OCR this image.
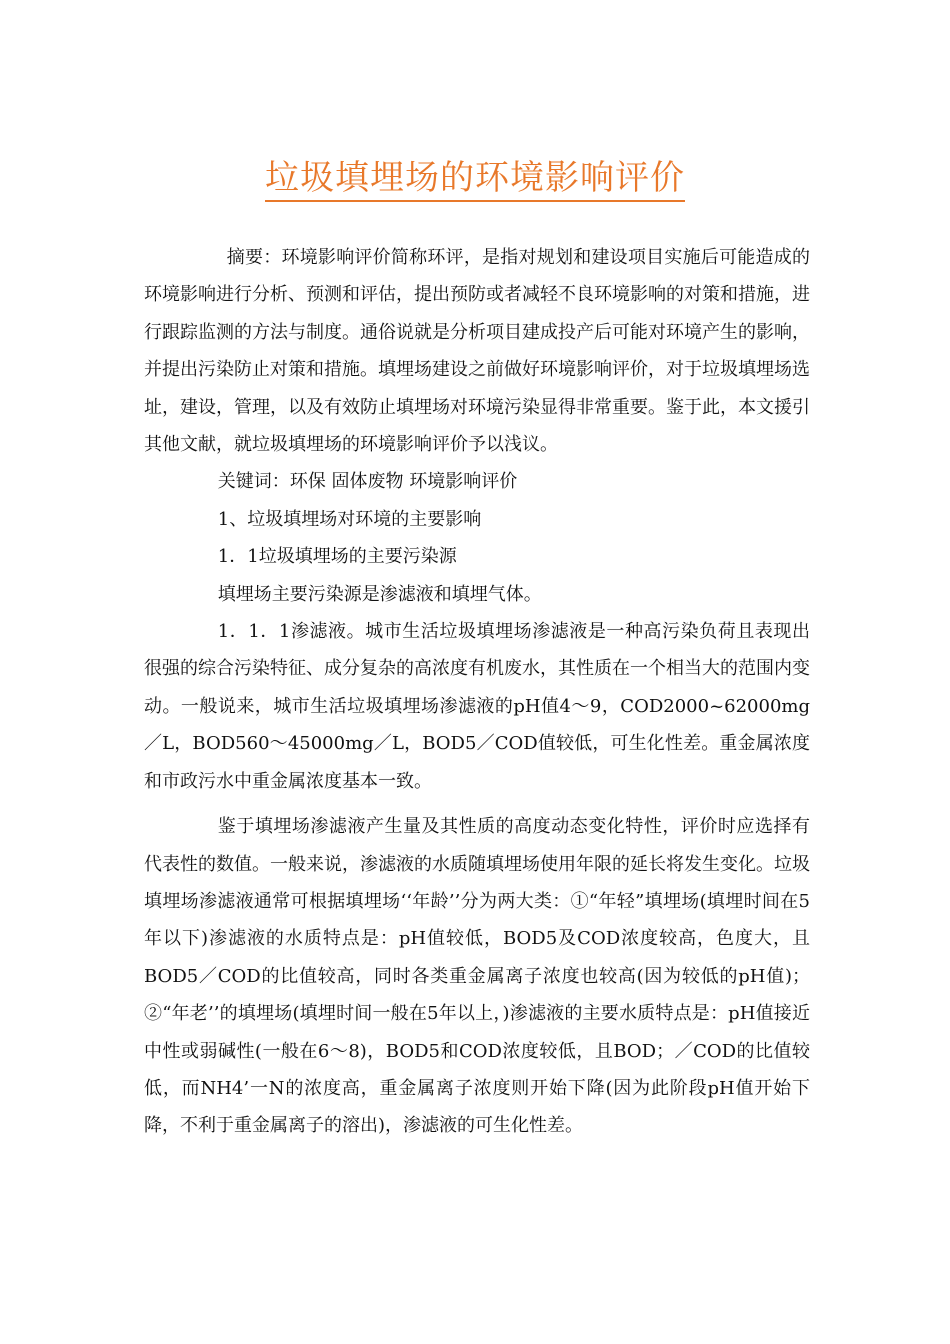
垃圾填埋场的环境影响评价

摘要：环境影响评价简称环评，是指对规划和建设项目实施后可能造成的环境影响进行分析、预测和评估，提出预防或者减轻不良环境影响的对策和措施，进行跟踪监测的方法与制度。通俗说就是分析项目建成投产后可能对环境产生的影响，并提出污染防止对策和措施。填埋场建设之前做好环境影响评价，对于垃圾填埋场选址，建设，管理，以及有效防止填埋场对环境污染显得非常重要。鉴于此，本文援引其他文献，就垃圾填埋场的环境影响评价予以浅议。

关键词：环保 固体废物 环境影响评价

1、垃圾填埋场对环境的主要影响

1．1垃圾填埋场的主要污染源

填埋场主要污染源是渗滤液和填埋气体。

1．1．1渗滤液。城市生活垃圾填埋场渗滤液是一种高污染负荷且表现出很强的综合污染特征、成分复杂的高浓度有机废水，其性质在一个相当大的范围内变动。一般说来，城市生活垃圾填埋场渗滤液的pH值4～9，COD2000~62000mg／L，BOD560～45000mg／L，BOD5／COD值较低，可生化性差。重金属浓度和市政污水中重金属浓度基本一致。

鉴于填埋场渗滤液产生量及其性质的高度动态变化特性，评价时应选择有代表性的数值。一般来说，渗滤液的水质随填埋场使用年限的延长将发生变化。垃圾填埋场渗滤液通常可根据填埋场‘‘年龄’’分为两大类：①“年轻”填埋场(填埋时间在5年以下)渗滤液的水质特点是：pH值较低，BOD5及COD浓度较高，色度大，且BOD5／COD的比值较高，同时各类重金属离子浓度也较高(因为较低的pH值)；②“年老’’的填埋场(填埋时间一般在5年以上，)渗滤液的主要水质特点是：pH值接近中性或弱碱性(一般在6～8)，BOD5和COD浓度较低，且BOD；／COD的比值较低，而NH4’一N的浓度高，重金属离子浓度则开始下降(因为此阶段pH值开始下降，不利于重金属离子的溶出)，渗滤液的可生化性差。
